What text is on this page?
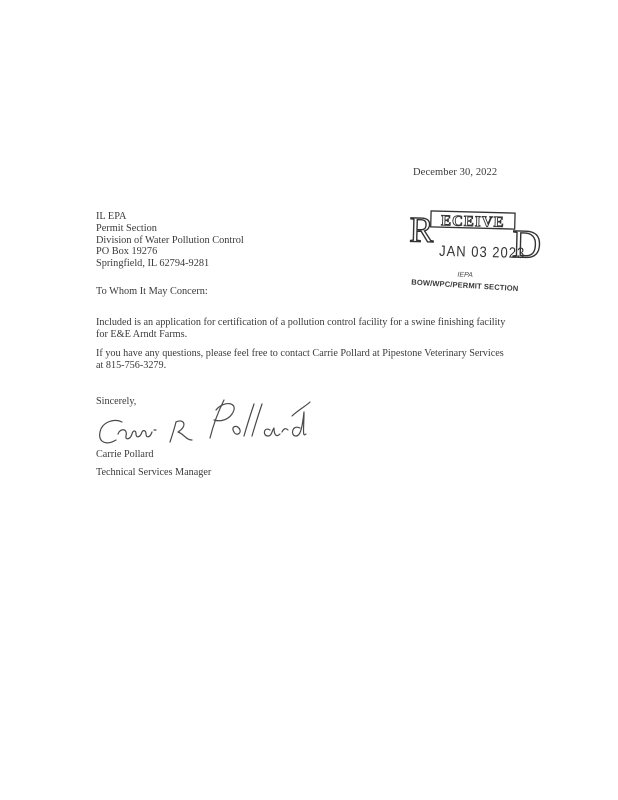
December 30, 2022
IL EPA
Permit Section
Division of Water Pollution Control
PO Box 19276
Springfield, IL 62794-9281
R ECEIVE D
JAN 03 2023
IEPA
BOW/WPC/PERMIT SECTION
To Whom It May Concern:
Included is an application for certification of a pollution control facility for a swine finishing facility for E&E Arndt Farms.
If you have any questions, please feel free to contact Carrie Pollard at Pipestone Veterinary Services at 815-756-3279.
Sincerely,
Carrie Pollard
Technical Services Manager
